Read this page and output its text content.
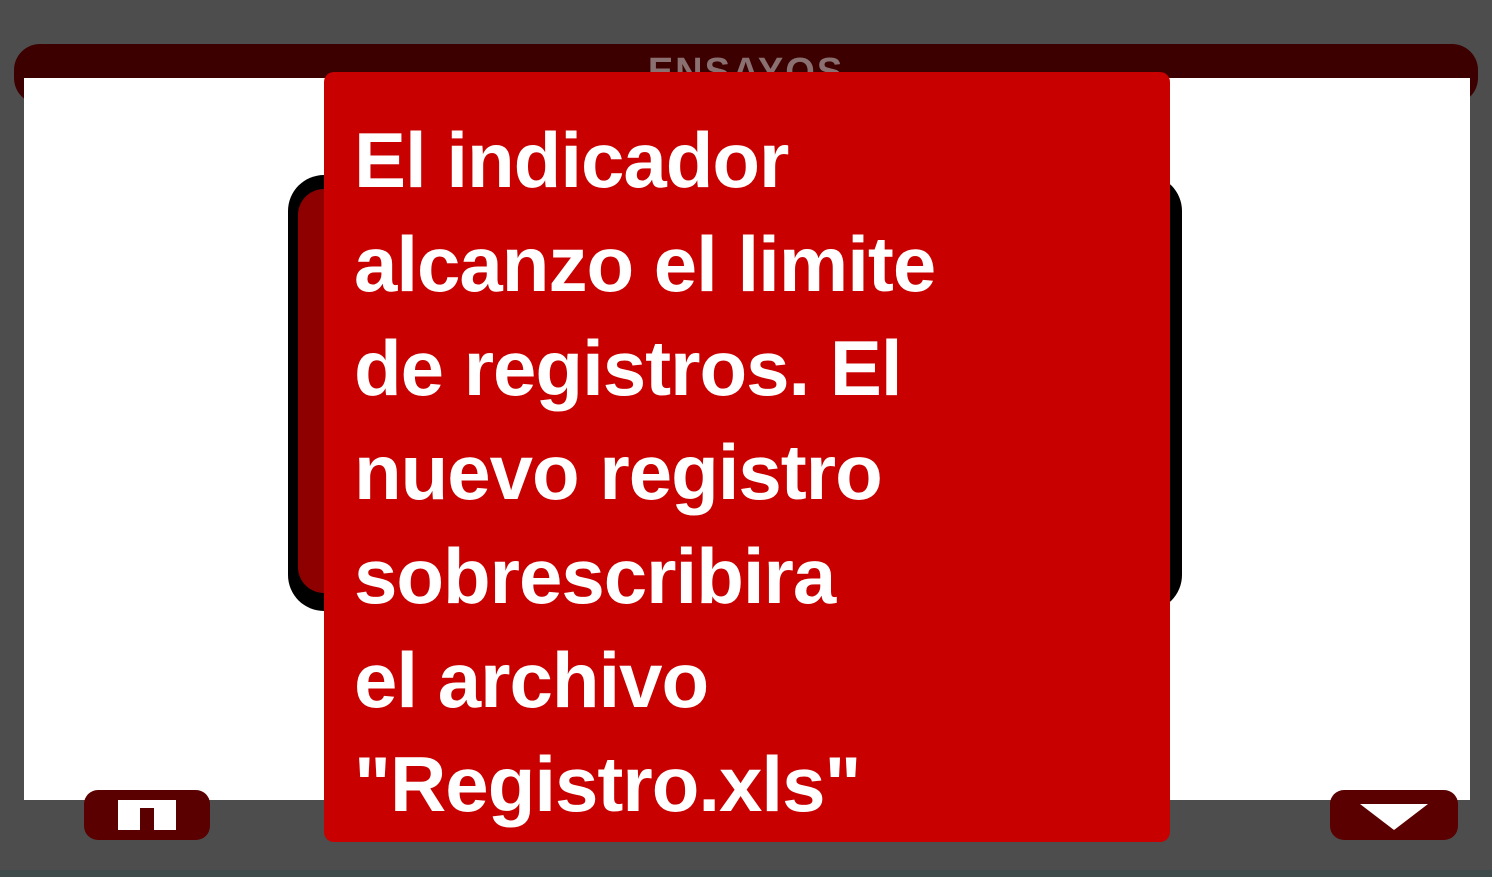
El indicador
alcanzo el limite
de registros. El
nuevo registro
sobrescribira
el archivo
"Registro.xls"
